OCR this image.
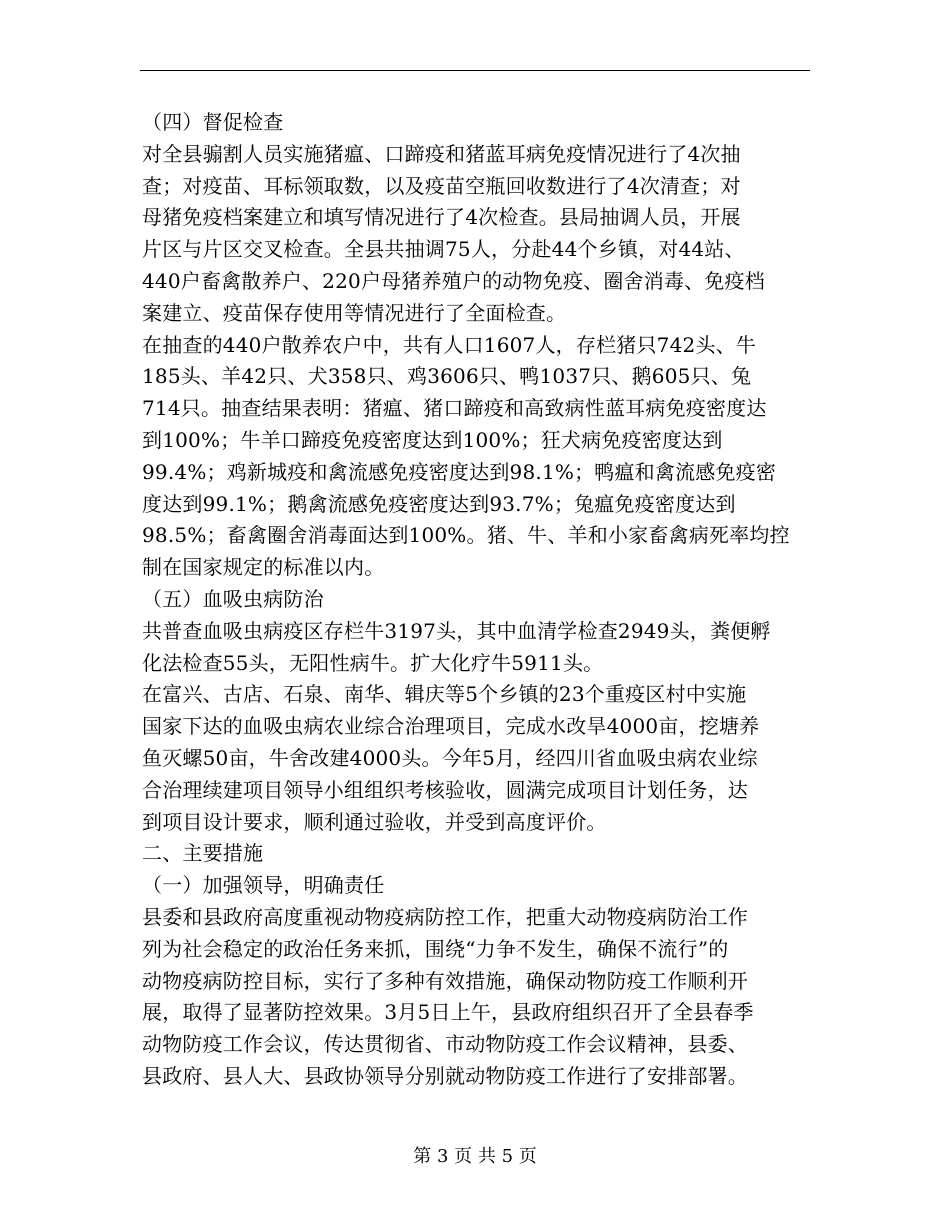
（四）督促检查
对全县骟割人员实施猪瘟、口蹄疫和猪蓝耳病免疫情况进行了4次抽
查；对疫苗、耳标领取数，以及疫苗空瓶回收数进行了4次清查；对
母猪免疫档案建立和填写情况进行了4次检查。县局抽调人员，开展
片区与片区交叉检查。全县共抽调75人，分赴44个乡镇，对44站、
440户畜禽散养户、220户母猪养殖户的动物免疫、圈舍消毒、免疫档
案建立、疫苗保存使用等情况进行了全面检查。
在抽查的440户散养农户中，共有人口1607人，存栏猪只742头、牛
185头、羊42只、犬358只、鸡3606只、鸭1037只、鹅605只、兔
714只。抽查结果表明：猪瘟、猪口蹄疫和高致病性蓝耳病免疫密度达
到100%；牛羊口蹄疫免疫密度达到100%；狂犬病免疫密度达到
99.4%；鸡新城疫和禽流感免疫密度达到98.1%；鸭瘟和禽流感免疫密
度达到99.1%；鹅禽流感免疫密度达到93.7%；兔瘟免疫密度达到
98.5%；畜禽圈舍消毒面达到100%。猪、牛、羊和小家畜禽病死率均控
制在国家规定的标准以内。
（五）血吸虫病防治
共普查血吸虫病疫区存栏牛3197头，其中血清学检查2949头，粪便孵
化法检查55头，无阳性病牛。扩大化疗牛5911头。
在富兴、古店、石泉、南华、辑庆等5个乡镇的23个重疫区村中实施
国家下达的血吸虫病农业综合治理项目，完成水改旱4000亩，挖塘养
鱼灭螺50亩，牛舍改建4000头。今年5月，经四川省血吸虫病农业综
合治理续建项目领导小组组织考核验收，圆满完成项目计划任务，达
到项目设计要求，顺利通过验收，并受到高度评价。
二、主要措施
（一）加强领导，明确责任
县委和县政府高度重视动物疫病防控工作，把重大动物疫病防治工作
列为社会稳定的政治任务来抓，围绕“力争不发生，确保不流行”的
动物疫病防控目标，实行了多种有效措施，确保动物防疫工作顺利开
展，取得了显著防控效果。3月5日上午，县政府组织召开了全县春季
动物防疫工作会议，传达贯彻省、市动物防疫工作会议精神，县委、
县政府、县人大、县政协领导分别就动物防疫工作进行了安排部署。
第 3 页 共 5 页
